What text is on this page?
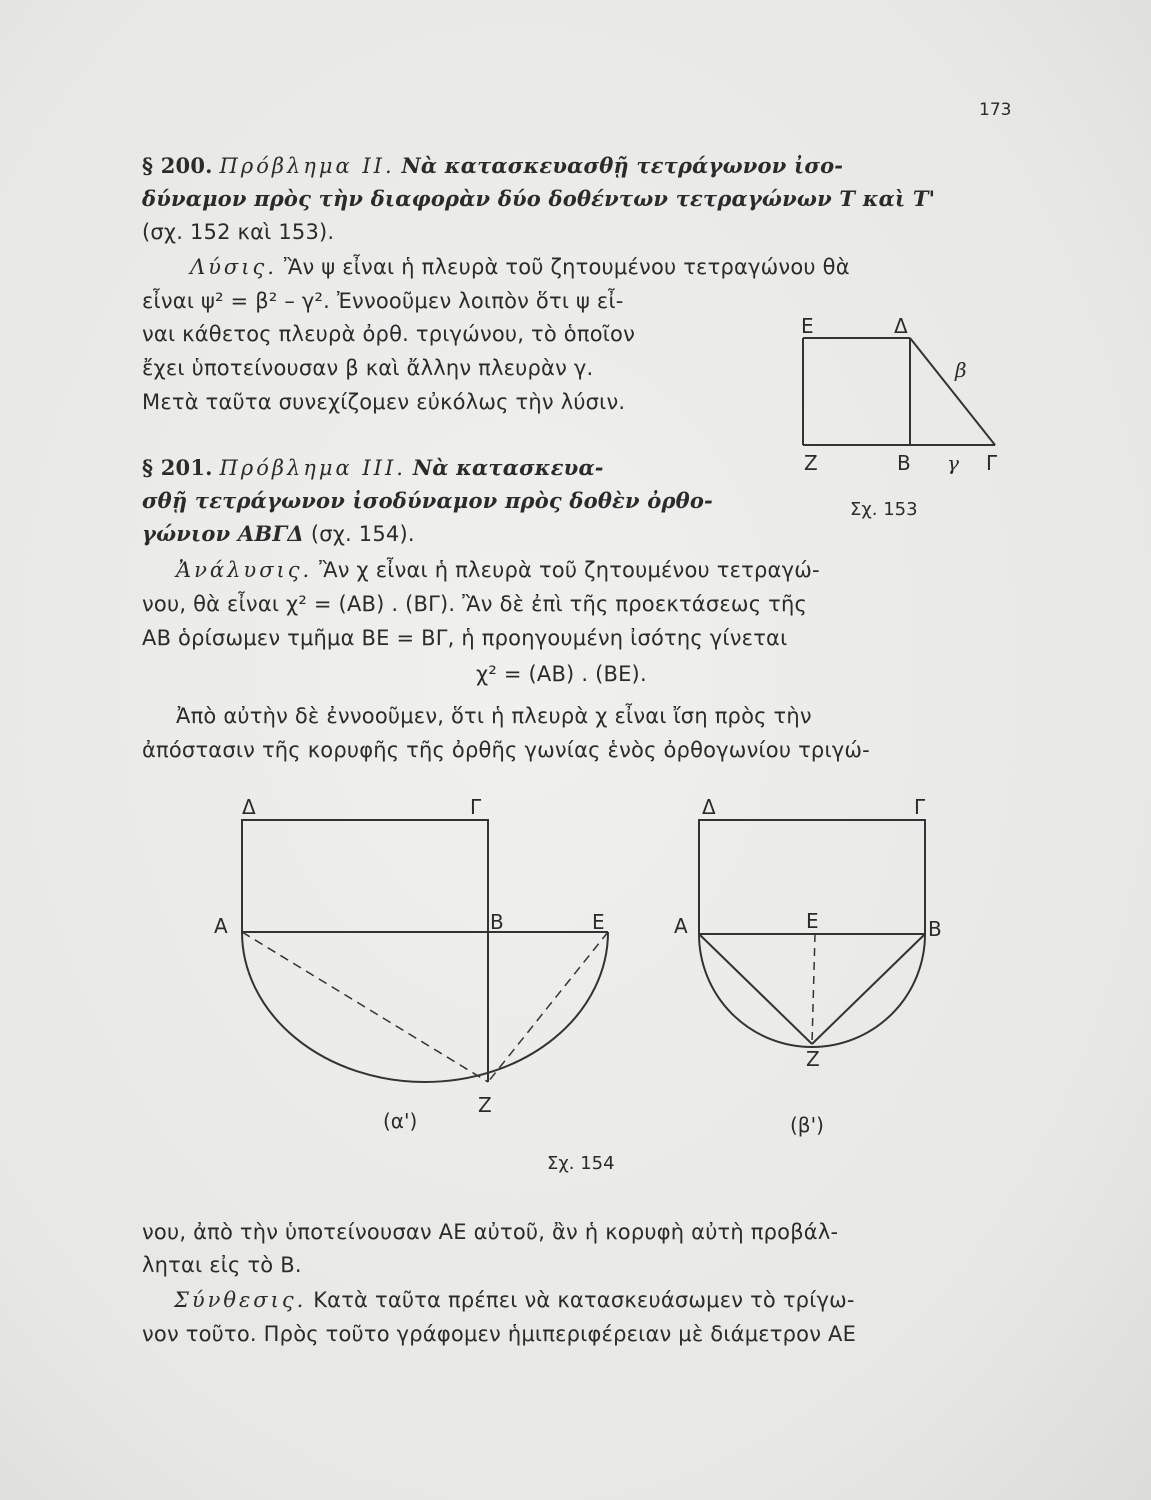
173
§ 200. Πρόβλημα ΙΙ. Νὰ κατασκευασθῇ τετράγωνον ἰσο-
δύναμον πρὸς τὴν διαφορὰν δύο δοθέντων τετραγώνων Τ καὶ Τ'
(σχ. 152 καὶ 153).
Λύσις. Ἂν ψ εἶναι ἡ πλευρὰ τοῦ ζητουμένου τετραγώνου θὰ
εἶναι ψ² = β² – γ². Ἐννοοῦμεν λοιπὸν ὅτι ψ εἶ-
ναι κάθετος πλευρὰ ὀρθ. τριγώνου, τὸ ὁποῖον
ἔχει ὑποτείνουσαν β καὶ ἄλλην πλευρὰν γ.
Μετὰ ταῦτα συνεχίζομεν εὐκόλως τὴν λύσιν.
Ε	Δ
β
Ζ	Β γ Γ
Σχ. 153
§ 201. Πρόβλημα ΙΙΙ. Νὰ κατασκευα-
σθῇ τετράγωνον ἰσοδύναμον πρὸς δοθὲν ὀρθο-
γώνιον ΑΒΓΔ (σχ. 154).
Ἀνάλυσις. Ἂν χ εἶναι ἡ πλευρὰ τοῦ ζητουμένου τετραγώ-
νου, θὰ εἶναι χ² = (ΑΒ) . (ΒΓ). Ἂν δὲ ἐπὶ τῆς προεκτάσεως τῆς
ΑΒ ὁρίσωμεν τμῆμα ΒΕ = ΒΓ, ἡ προηγουμένη ἰσότης γίνεται
χ² = (ΑΒ) . (ΒΕ).
Ἀπὸ αὐτὴν δὲ ἐννοοῦμεν, ὅτι ἡ πλευρὰ χ εἶναι ἴση πρὸς τὴν
ἀπόστασιν τῆς κορυφῆς τῆς ὀρθῆς γωνίας ἑνὸς ὀρθογωνίου τριγώ-
Δ	Γ
Α	Β	Ε
Ζ
(α')
Δ	Γ
Α	Ε	Β
Ζ
(β')
Σχ. 154
νου, ἀπὸ τὴν ὑποτείνουσαν ΑΕ αὐτοῦ, ἂν ἡ κορυφὴ αὐτὴ προβάλ-
ληται εἰς τὸ Β.
Σύνθεσις. Κατὰ ταῦτα πρέπει νὰ κατασκευάσωμεν τὸ τρίγω-
νον τοῦτο. Πρὸς τοῦτο γράφομεν ἡμιπεριφέρειαν μὲ διάμετρον ΑΕ
